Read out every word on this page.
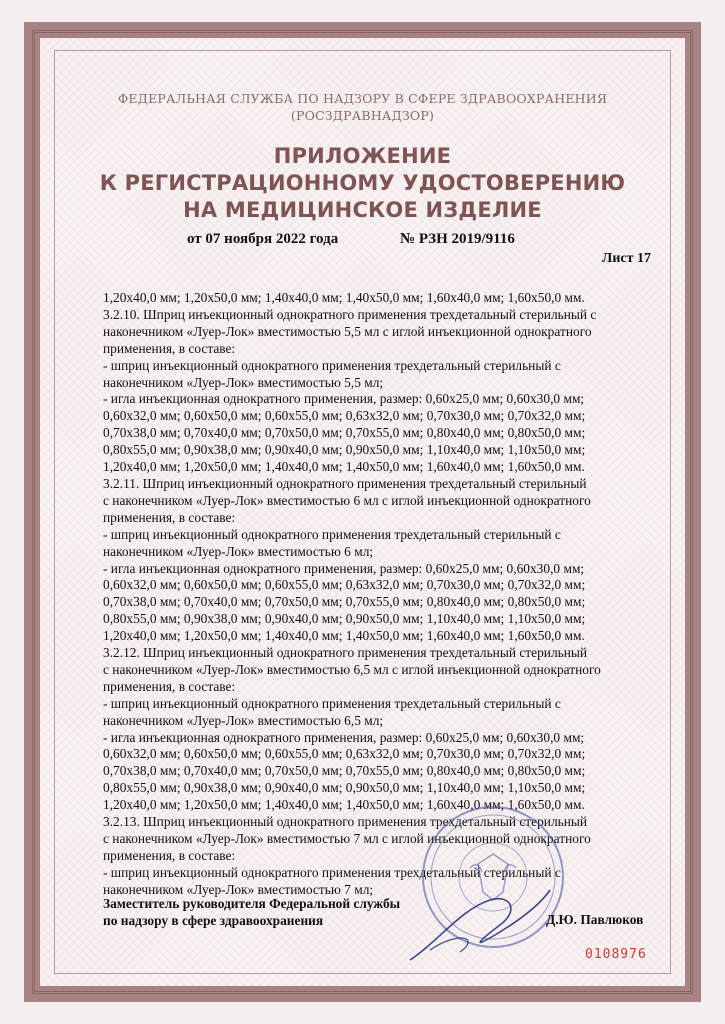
ФЕДЕРАЛЬНАЯ СЛУЖБА ПО НАДЗОРУ В СФЕРЕ ЗДРАВООХРАНЕНИЯ
(РОСЗДРАВНАДЗОР)
ПРИЛОЖЕНИЕ
К РЕГИСТРАЦИОННОМУ УДОСТОВЕРЕНИЮ
НА МЕДИЦИНСКОЕ ИЗДЕЛИЕ
от 07 ноября 2022 года	№ РЗН 2019/9116
Лист 17

1,20x40,0 мм; 1,20x50,0 мм; 1,40x40,0 мм; 1,40x50,0 мм; 1,60x40,0 мм; 1,60x50,0 мм.

3.2.10. Шприц инъекционный однократного применения трехдетальный стерильный с

наконечником «Луер-Лок» вместимостью 5,5 мл с иглой инъекционной однократного

применения, в составе:

- шприц инъекционный однократного применения трехдетальный стерильный с

наконечником «Луер-Лок» вместимостью 5,5 мл;

- игла инъекционная однократного применения, размер: 0,60x25,0 мм; 0,60x30,0 мм;

0,60x32,0 мм; 0,60x50,0 мм; 0,60x55,0 мм; 0,63x32,0 мм; 0,70x30,0 мм; 0,70x32,0 мм;

0,70x38,0 мм; 0,70x40,0 мм; 0,70x50,0 мм; 0,70x55,0 мм; 0,80x40,0 мм; 0,80x50,0 мм;

0,80x55,0 мм; 0,90x38,0 мм; 0,90x40,0 мм; 0,90x50,0 мм; 1,10x40,0 мм; 1,10x50,0 мм;

1,20x40,0 мм; 1,20x50,0 мм; 1,40x40,0 мм; 1,40x50,0 мм; 1,60x40,0 мм; 1,60x50,0 мм.

3.2.11. Шприц инъекционный однократного применения трехдетальный стерильный

с наконечником «Луер-Лок» вместимостью 6 мл с иглой инъекционной однократного

применения, в составе:

- шприц инъекционный однократного применения трехдетальный стерильный с

наконечником «Луер-Лок» вместимостью 6 мл;

- игла инъекционная однократного применения, размер: 0,60x25,0 мм; 0,60x30,0 мм;

0,60x32,0 мм; 0,60x50,0 мм; 0,60x55,0 мм; 0,63x32,0 мм; 0,70x30,0 мм; 0,70x32,0 мм;

0,70x38,0 мм; 0,70x40,0 мм; 0,70x50,0 мм; 0,70x55,0 мм; 0,80x40,0 мм; 0,80x50,0 мм;

0,80x55,0 мм; 0,90x38,0 мм; 0,90x40,0 мм; 0,90x50,0 мм; 1,10x40,0 мм; 1,10x50,0 мм;

1,20x40,0 мм; 1,20x50,0 мм; 1,40x40,0 мм; 1,40x50,0 мм; 1,60x40,0 мм; 1,60x50,0 мм.

3.2.12. Шприц инъекционный однократного применения трехдетальный стерильный

с наконечником «Луер-Лок» вместимостью 6,5 мл с иглой инъекционной однократного

применения, в составе:

- шприц инъекционный однократного применения трехдетальный стерильный с

наконечником «Луер-Лок» вместимостью 6,5 мл;

- игла инъекционная однократного применения, размер: 0,60x25,0 мм; 0,60x30,0 мм;

0,60x32,0 мм; 0,60x50,0 мм; 0,60x55,0 мм; 0,63x32,0 мм; 0,70x30,0 мм; 0,70x32,0 мм;

0,70x38,0 мм; 0,70x40,0 мм; 0,70x50,0 мм; 0,70x55,0 мм; 0,80x40,0 мм; 0,80x50,0 мм;

0,80x55,0 мм; 0,90x38,0 мм; 0,90x40,0 мм; 0,90x50,0 мм; 1,10x40,0 мм; 1,10x50,0 мм;

1,20x40,0 мм; 1,20x50,0 мм; 1,40x40,0 мм; 1,40x50,0 мм; 1,60x40,0 мм; 1,60x50,0 мм.

3.2.13. Шприц инъекционный однократного применения трехдетальный стерильный

с наконечником «Луер-Лок» вместимостью 7 мл с иглой инъекционной однократного

применения, в составе:

- шприц инъекционный однократного применения трехдетальный стерильный с

наконечником «Луер-Лок» вместимостью 7 мл;

Заместитель руководителя Федеральной службы
по надзору в сфере здравоохранения	Д.Ю. Павлюков
0108976
